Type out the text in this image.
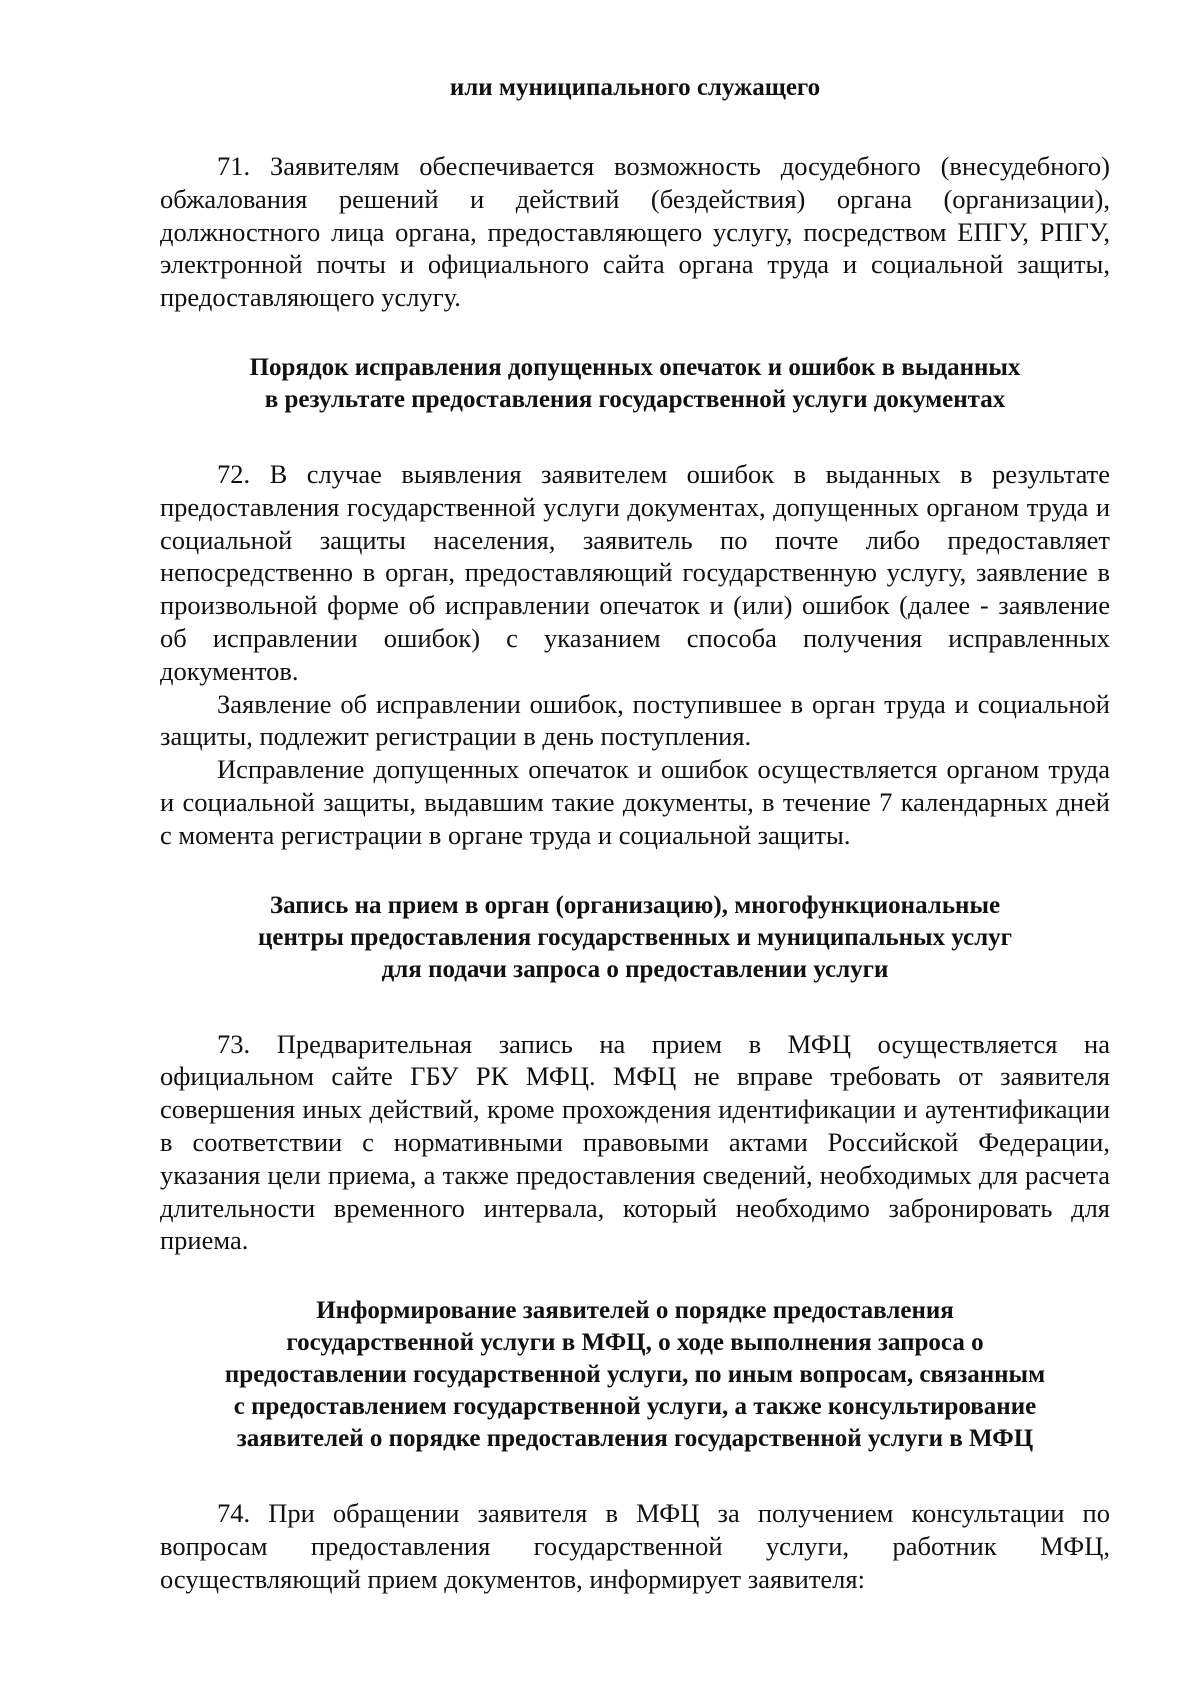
или муниципального служащего

71. Заявителям обеспечивается возможность досудебного (внесудебного) обжалования решений и действий (бездействия) органа (организации), должностного лица органа, предоставляющего услугу, посредством ЕПГУ, РПГУ, электронной почты и официального сайта органа труда и социальной защиты, предоставляющего услугу.

Порядок исправления допущенных опечаток и ошибок в выданных
в результате предоставления государственной услуги документах

72. В случае выявления заявителем ошибок в выданных в результате предоставления государственной услуги документах, допущенных органом труда и социальной защиты населения, заявитель по почте либо предоставляет непосредственно в орган, предоставляющий государственную услугу, заявление в произвольной форме об исправлении опечаток и (или) ошибок (далее - заявление об исправлении ошибок) с указанием способа получения исправленных документов.

Заявление об исправлении ошибок, поступившее в орган труда и социальной защиты, подлежит регистрации в день поступления.

Исправление допущенных опечаток и ошибок осуществляется органом труда и социальной защиты, выдавшим такие документы, в течение 7 календарных дней с момента регистрации в органе труда и социальной защиты.

Запись на прием в орган (организацию), многофункциональные
центры предоставления государственных и муниципальных услуг
для подачи запроса о предоставлении услуги

73. Предварительная запись на прием в МФЦ осуществляется на официальном сайте ГБУ РК МФЦ. МФЦ не вправе требовать от заявителя совершения иных действий, кроме прохождения идентификации и аутентификации в соответствии с нормативными правовыми актами Российской Федерации, указания цели приема, а также предоставления сведений, необходимых для расчета длительности временного интервала, который необходимо забронировать для приема.

Информирование заявителей о порядке предоставления
государственной услуги в МФЦ, о ходе выполнения запроса о
предоставлении государственной услуги, по иным вопросам, связанным
с предоставлением государственной услуги, а также консультирование
заявителей о порядке предоставления государственной услуги в МФЦ

74. При обращении заявителя в МФЦ за получением консультации по вопросам предоставления государственной услуги, работник МФЦ, осуществляющий прием документов, информирует заявителя:
